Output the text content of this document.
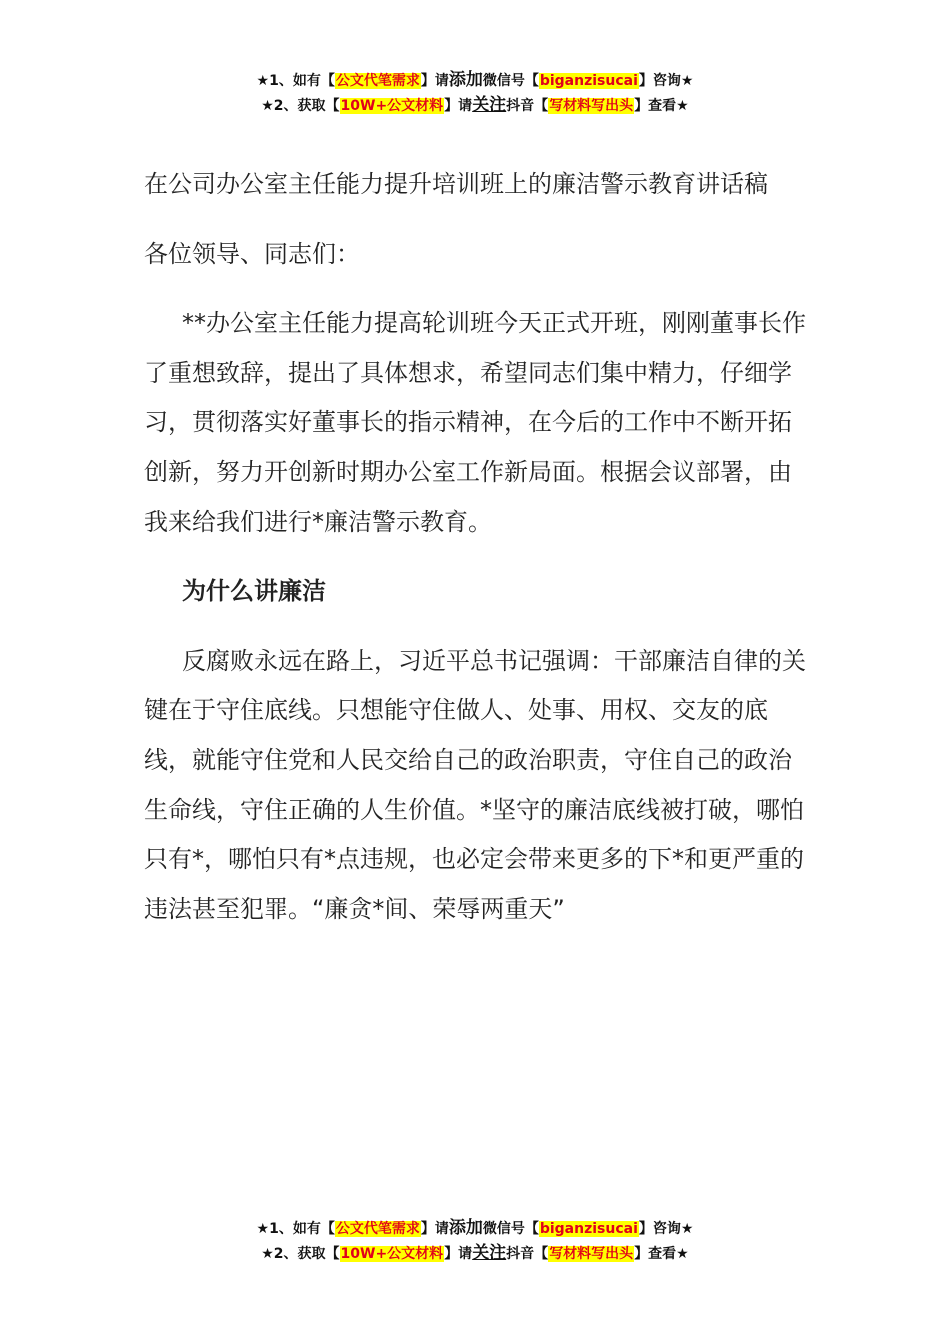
★1、如有【公文代笔需求】请添加微信号【biganzisucai】咨询★
★2、获取【10W+公文材料】请关注抖音【写材料写出头】查看★

在公司办公室主任能力提升培训班上的廉洁警示教育讲话稿

各位领导、同志们：

**办公室主任能力提高轮训班今天正式开班，刚刚董事长作了重想致辞，提出了具体想求，希望同志们集中精力，仔细学习，贯彻落实好董事长的指示精神，在今后的工作中不断开拓创新，努力开创新时期办公室工作新局面。根据会议部署，由我来给我们进行*廉洁警示教育。

为什么讲廉洁

反腐败永远在路上，习近平总书记强调：干部廉洁自律的关键在于守住底线。只想能守住做人、处事、用权、交友的底线，就能守住党和人民交给自己的政治职责，守住自己的政治生命线，守住正确的人生价值。*坚守的廉洁底线被打破，哪怕只有*，哪怕只有*点违规，也必定会带来更多的下*和更严重的违法甚至犯罪。“廉贪*间、荣辱两重天”

★1、如有【公文代笔需求】请添加微信号【biganzisucai】咨询★
★2、获取【10W+公文材料】请关注抖音【写材料写出头】查看★
